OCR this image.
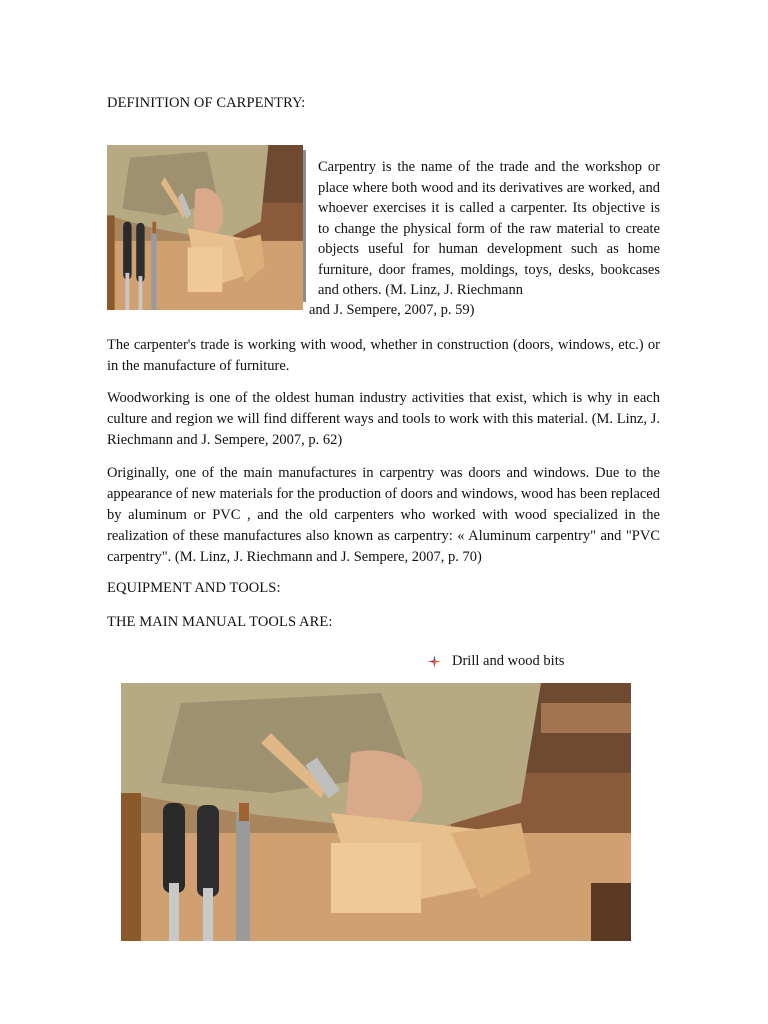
DEFINITION OF CARPENTRY:

Carpentry is the name of the trade and the workshop or place where both wood and its derivatives are worked, and whoever exercises it is called a carpenter. Its objective is to change the physical form of the raw material to create objects useful for human development such as home furniture, door frames, moldings, toys, desks, bookcases and others. (M. Linz, J. Riechmann

and J. Sempere, 2007, p. 59)

The carpenter's trade is working with wood, whether in construction (doors, windows, etc.) or in the manufacture of furniture.

Woodworking is one of the oldest human industry activities that exist, which is why in each culture and region we will find different ways and tools to work with this material. (M. Linz, J. Riechmann and J. Sempere, 2007, p. 62)

Originally, one of the main manufactures in carpentry was doors and windows. Due to the appearance of new materials for the production of doors and windows, wood has been replaced by aluminum or PVC , and the old carpenters who worked with wood specialized in the realization of these manufactures also known as carpentry: « Aluminum carpentry" and "PVC carpentry". (M. Linz, J. Riechmann and J. Sempere, 2007, p. 70)

EQUIPMENT AND TOOLS:
THE MAIN MANUAL TOOLS ARE:
Drill and wood bits
